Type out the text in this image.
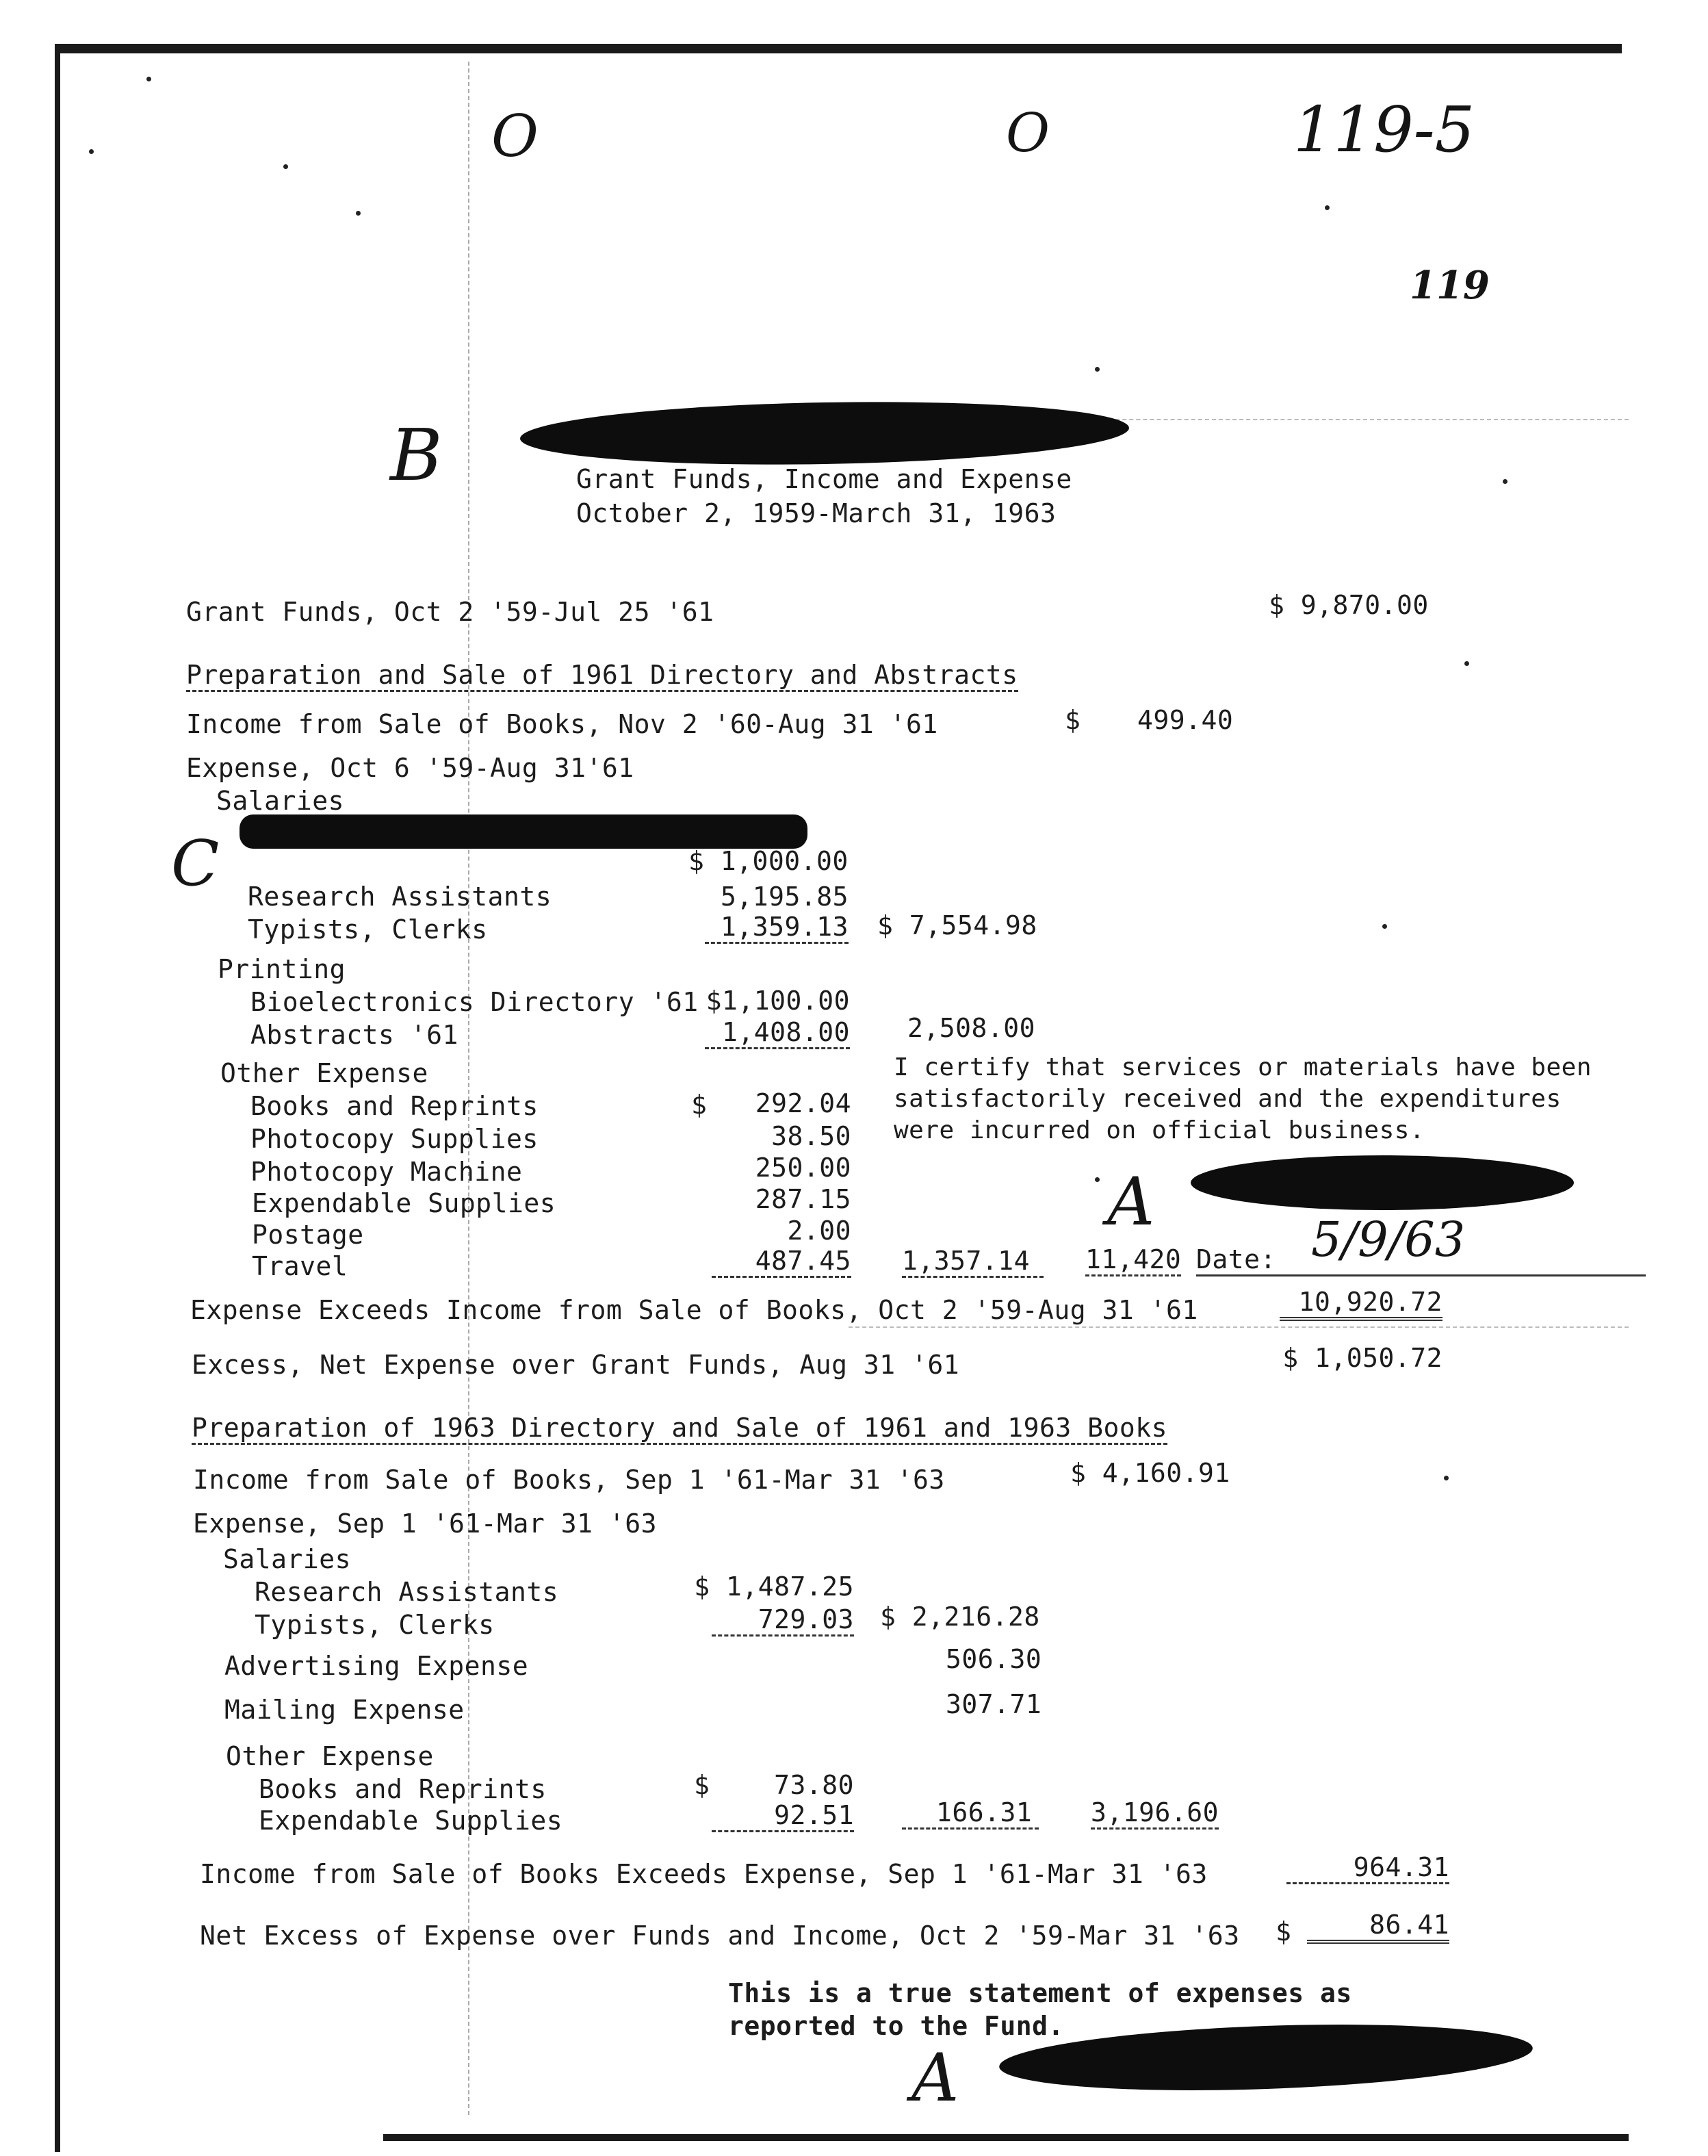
O	O	119-5
119
B
C
A
A
Grant Funds, Income and Expense
October 2, 1959-March 31, 1963
Grant Funds, Oct 2 '59-Jul 25 '61	$ 9,870.00
Preparation and Sale of 1961 Directory and Abstracts
Income from Sale of Books, Nov 2 '60-Aug 31 '61	$ 499.40
Expense, Oct 6 '59-Aug 31'61
Salaries
$ 1,000.00
Research Assistants	5,195.85
Typists, Clerks	1,359.13 $ 7,554.98
Printing
Bioelectronics Directory '61 $1,100.00
Abstracts '61	1,408.00 2,508.00
Other Expense
$
Books and Reprints	292.04
Photocopy Supplies	38.50
Photocopy Machine	250.00
Expendable Supplies	287.15
Postage	2.00
Travel	487.45 1,357.14	11,420
I certify that services or materials have been
satisfactorily received and the expenditures
were incurred on official business.
Date: 5/9/63
Expense Exceeds Income from Sale of Books, Oct 2 '59-Aug 31 '61	10,920.72
Excess, Net Expense over Grant Funds, Aug 31 '61	$ 1,050.72
Preparation of 1963 Directory and Sale of 1961 and 1963 Books
Income from Sale of Books, Sep 1 '61-Mar 31 '63	$ 4,160.91
Expense, Sep 1 '61-Mar 31 '63
Salaries
Research Assistants	$ 1,487.25
Typists, Clerks	729.03 $ 2,216.28
Advertising Expense	506.30
Mailing Expense	307.71
Other Expense
Books and Reprints	$	73.80
Expendable Supplies	92.51	166.31 3,196.60
Income from Sale of Books Exceeds Expense, Sep 1 '61-Mar 31 '63	964.31
Net Excess of Expense over Funds and Income, Oct 2 '59-Mar 31 '63 $	86.41
This is a true statement of expenses as
reported to the Fund.
